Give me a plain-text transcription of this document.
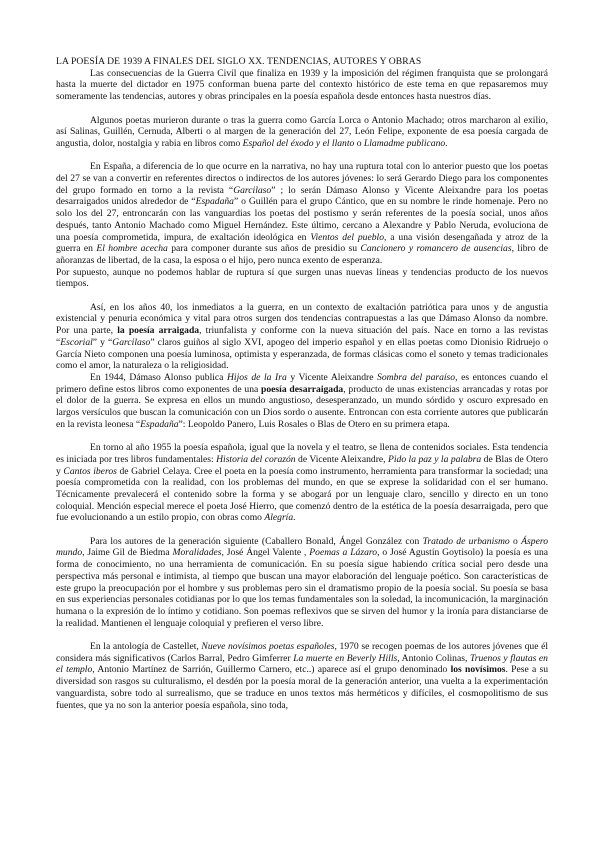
LA POESÍA DE 1939 A FINALES DEL SIGLO XX. TENDENCIAS, AUTORES Y OBRAS

Las consecuencias de la Guerra Civil que finaliza en 1939 y la imposición del régimen franquista que se prolongará hasta la muerte del dictador en 1975 conforman buena parte del contexto histórico de este tema en que repasaremos muy someramente las tendencias, autores y obras principales en la poesía española desde entonces hasta nuestros días.

Algunos poetas murieron durante o tras la guerra como García Lorca o Antonio Machado; otros marcharon al exilio, así Salinas, Guillén, Cernuda, Alberti o al margen de la generación del 27, León Felipe, exponente de esa poesía cargada de angustia, dolor, nostalgia y rabia en libros como Español del éxodo y el llanto o Llamadme publicano.

En España, a diferencia de lo que ocurre en la narrativa, no hay una ruptura total con lo anterior puesto que los poetas del 27 se van a convertir en referentes directos o indirectos de los autores jóvenes: lo será Gerardo Diego para los componentes del grupo formado en torno a la revista “Garcilaso” ; lo serán Dámaso Alonso y Vicente Aleixandre para los poetas desarraigados unidos alrededor de “Espadaña” o Guillén para el grupo Cántico, que en su nombre le rinde homenaje. Pero no solo los del 27, entroncarán con las vanguardias los poetas del postismo y serán referentes de la poesía social, unos años después, tanto Antonio Machado como Miguel Hernández. Este último, cercano a Alexandre y Pablo Neruda, evoluciona de una poesía comprometida, impura, de exaltación ideológica en Vientos del pueblo, a una visión desengañada y atroz de la guerra en El hombre acecha para componer durante sus años de presidio su Cancionero y romancero de ausencias, libro de añoranzas de libertad, de la casa, la esposa o el hijo, pero nunca exento de esperanza.

Por supuesto, aunque no podemos hablar de ruptura sí que surgen unas nuevas líneas y tendencias producto de los nuevos tiempos.

Así, en los años 40, los inmediatos a la guerra, en un contexto de exaltación patriótica para unos y de angustia existencial y penuria económica y vital para otros surgen dos tendencias contrapuestas a las que Dámaso Alonso da nombre. Por una parte, la poesía arraigada, triunfalista y conforme con la nueva situación del país. Nace en torno a las revistas “Escorial” y “Garcilaso” claros guiños al siglo XVI, apogeo del imperio español y en ellas poetas como Dionisio Ridruejo o García Nieto componen una poesía luminosa, optimista y esperanzada, de formas clásicas como el soneto y temas tradicionales como el amor, la naturaleza o la religiosidad.

En 1944, Dámaso Alonso publica Hijos de la Ira y Vicente Aleixandre Sombra del paraíso, es entonces cuando el primero define estos libros como exponentes de una poesía desarraigada, producto de unas existencias arrancadas y rotas por el dolor de la guerra. Se expresa en ellos un mundo angustioso, desesperanzado, un mundo sórdido y oscuro expresado en largos versículos que buscan la comunicación con un Dios sordo o ausente. Entroncan con esta corriente autores que publicarán en la revista leonesa “Espadaña”: Leopoldo Panero, Luis Rosales o Blas de Otero en su primera etapa.

En torno al año 1955 la poesía española, igual que la novela y el teatro, se llena de contenidos sociales. Esta tendencia es iniciada por tres libros fundamentales: Historia del corazón de Vicente Aleixandre, Pido la paz y la palabra de Blas de Otero y Cantos iberos de Gabriel Celaya. Cree el poeta en la poesía como instrumento, herramienta para transformar la sociedad; una poesía comprometida con la realidad, con los problemas del mundo, en que se exprese la solidaridad con el ser humano. Técnicamente prevalecerá el contenido sobre la forma y se abogará por un lenguaje claro, sencillo y directo en un tono coloquial. Mención especial merece el poeta José Hierro, que comenzó dentro de la estética de la poesía desarraigada, pero que fue evolucionando a un estilo propio, con obras como Alegría.

Para los autores de la generación siguiente (Caballero Bonald, Ángel González con Tratado de urbanismo o Áspero mundo, Jaime Gil de Biedma Moralidades, José Ángel Valente , Poemas a Lázaro, o José Agustín Goytisolo) la poesía es una forma de conocimiento, no una herramienta de comunicación. En su poesía sigue habiendo crítica social pero desde una perspectiva más personal e intimista, al tiempo que buscan una mayor elaboración del lenguaje poético. Son características de este grupo la preocupación por el hombre y sus problemas pero sin el dramatismo propio de la poesía social. Su poesía se basa en sus experiencias personales cotidianas por lo que los temas fundamentales son la soledad, la incomunicación, la marginación humana o la expresión de lo íntimo y cotidiano. Son poemas reflexivos que se sirven del humor y la ironía para distanciarse de la realidad. Mantienen el lenguaje coloquial y prefieren el verso libre.

En la antología de Castellet, Nueve novísimos poetas españoles, 1970 se recogen poemas de los autores jóvenes que él considera más significativos (Carlos Barral, Pedro Gimferrer La muerte en Beverly Hills, Antonio Colinas, Truenos y flautas en el templo, Antonio Martínez de Sarrión, Guillermo Carnero, etc..) aparece así el grupo denominado los novísimos. Pese a su diversidad son rasgos su culturalismo, el desdén por la poesía moral de la generación anterior, una vuelta a la experimentación vanguardista, sobre todo al surrealismo, que se traduce en unos textos más herméticos y difíciles, el cosmopolitismo de sus fuentes, que ya no son la anterior poesía española, sino toda,
